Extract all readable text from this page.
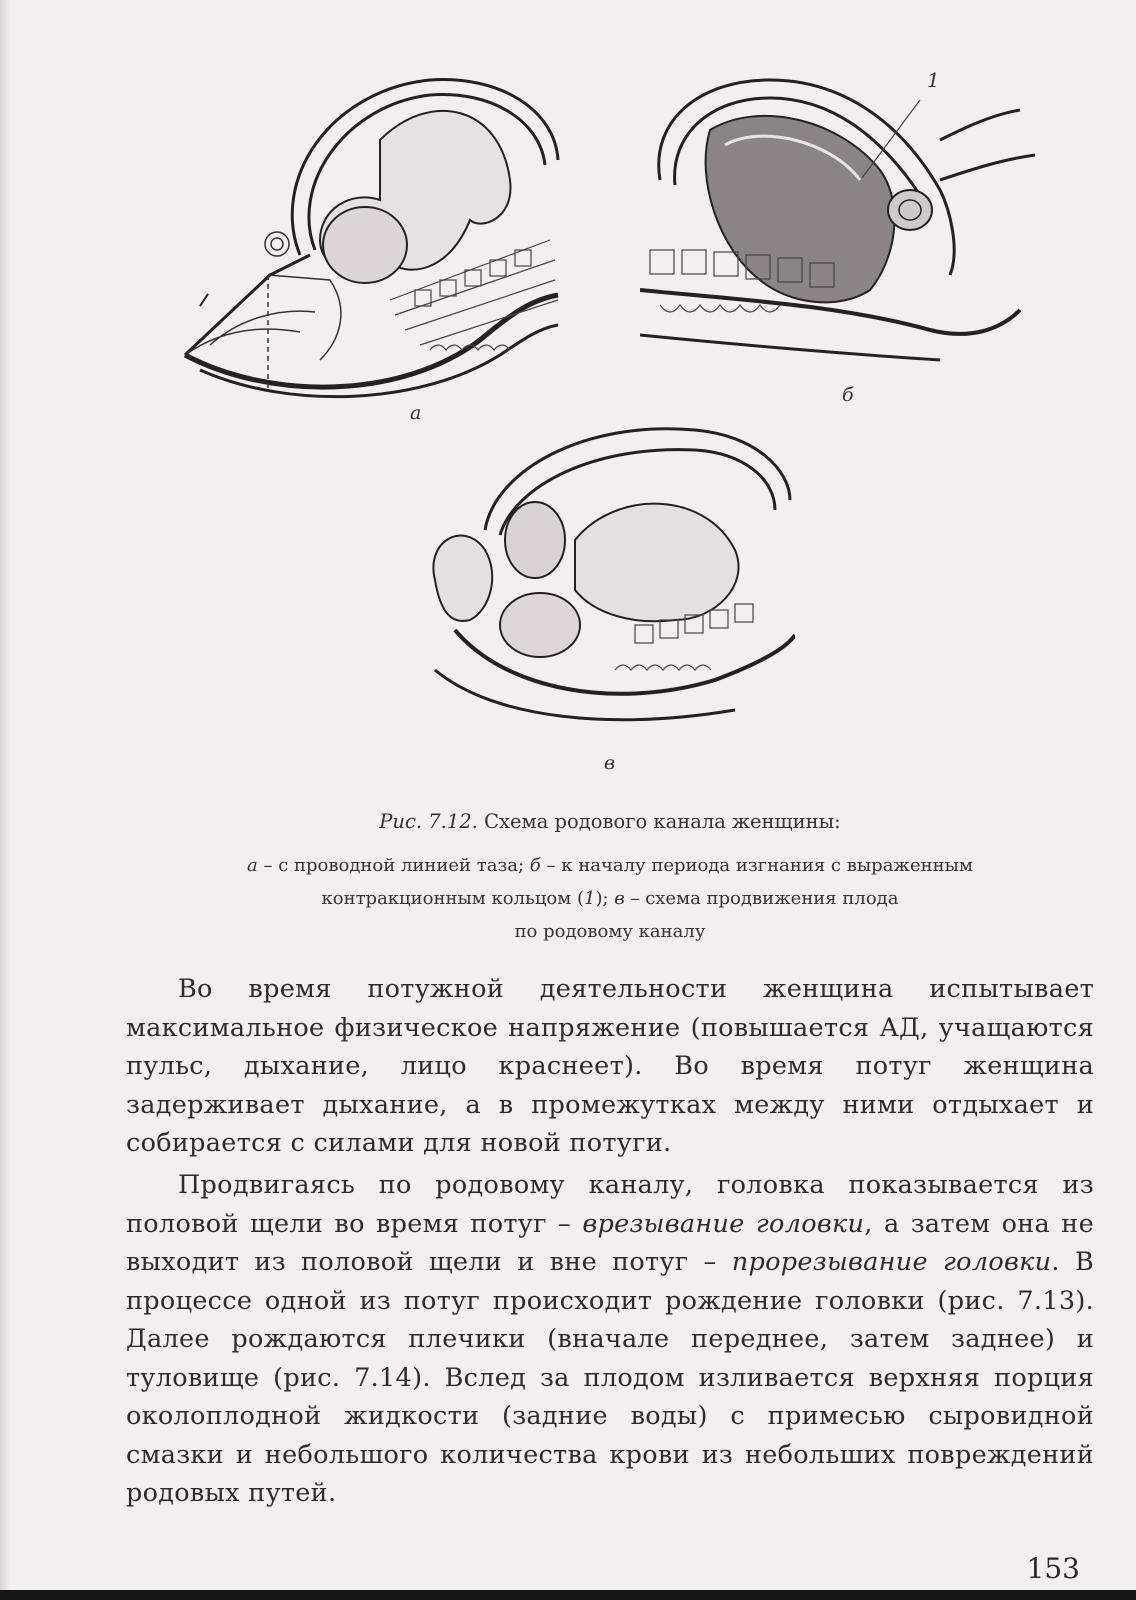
а
б
1
в
Рис. 7.12. Схема родового канала женщины:
а – с проводной линией таза; б – к началу периода изгнания с выраженным
контракционным кольцом (1); в – схема продвижения плода
по родовому каналу

Во время потужной деятельности женщина испытывает максимальное физическое напряжение (повышается АД, учащаются пульс, дыхание, лицо краснеет). Во время потуг женщина задерживает дыхание, а в промежутках между ними отдыхает и собирается с силами для новой потуги.

Продвигаясь по родовому каналу, головка показывается из половой щели во время потуг – врезывание головки, а затем она не выходит из половой щели и вне потуг – прорезывание головки. В процессе одной из потуг происходит рождение головки (рис. 7.13). Далее рождаются плечики (вначале переднее, затем заднее) и туловище (рис. 7.14). Вслед за плодом изливается верхняя порция околоплодной жидкости (задние воды) с примесью сыровидной смазки и небольшого количества крови из небольших повреждений родовых путей.

153
